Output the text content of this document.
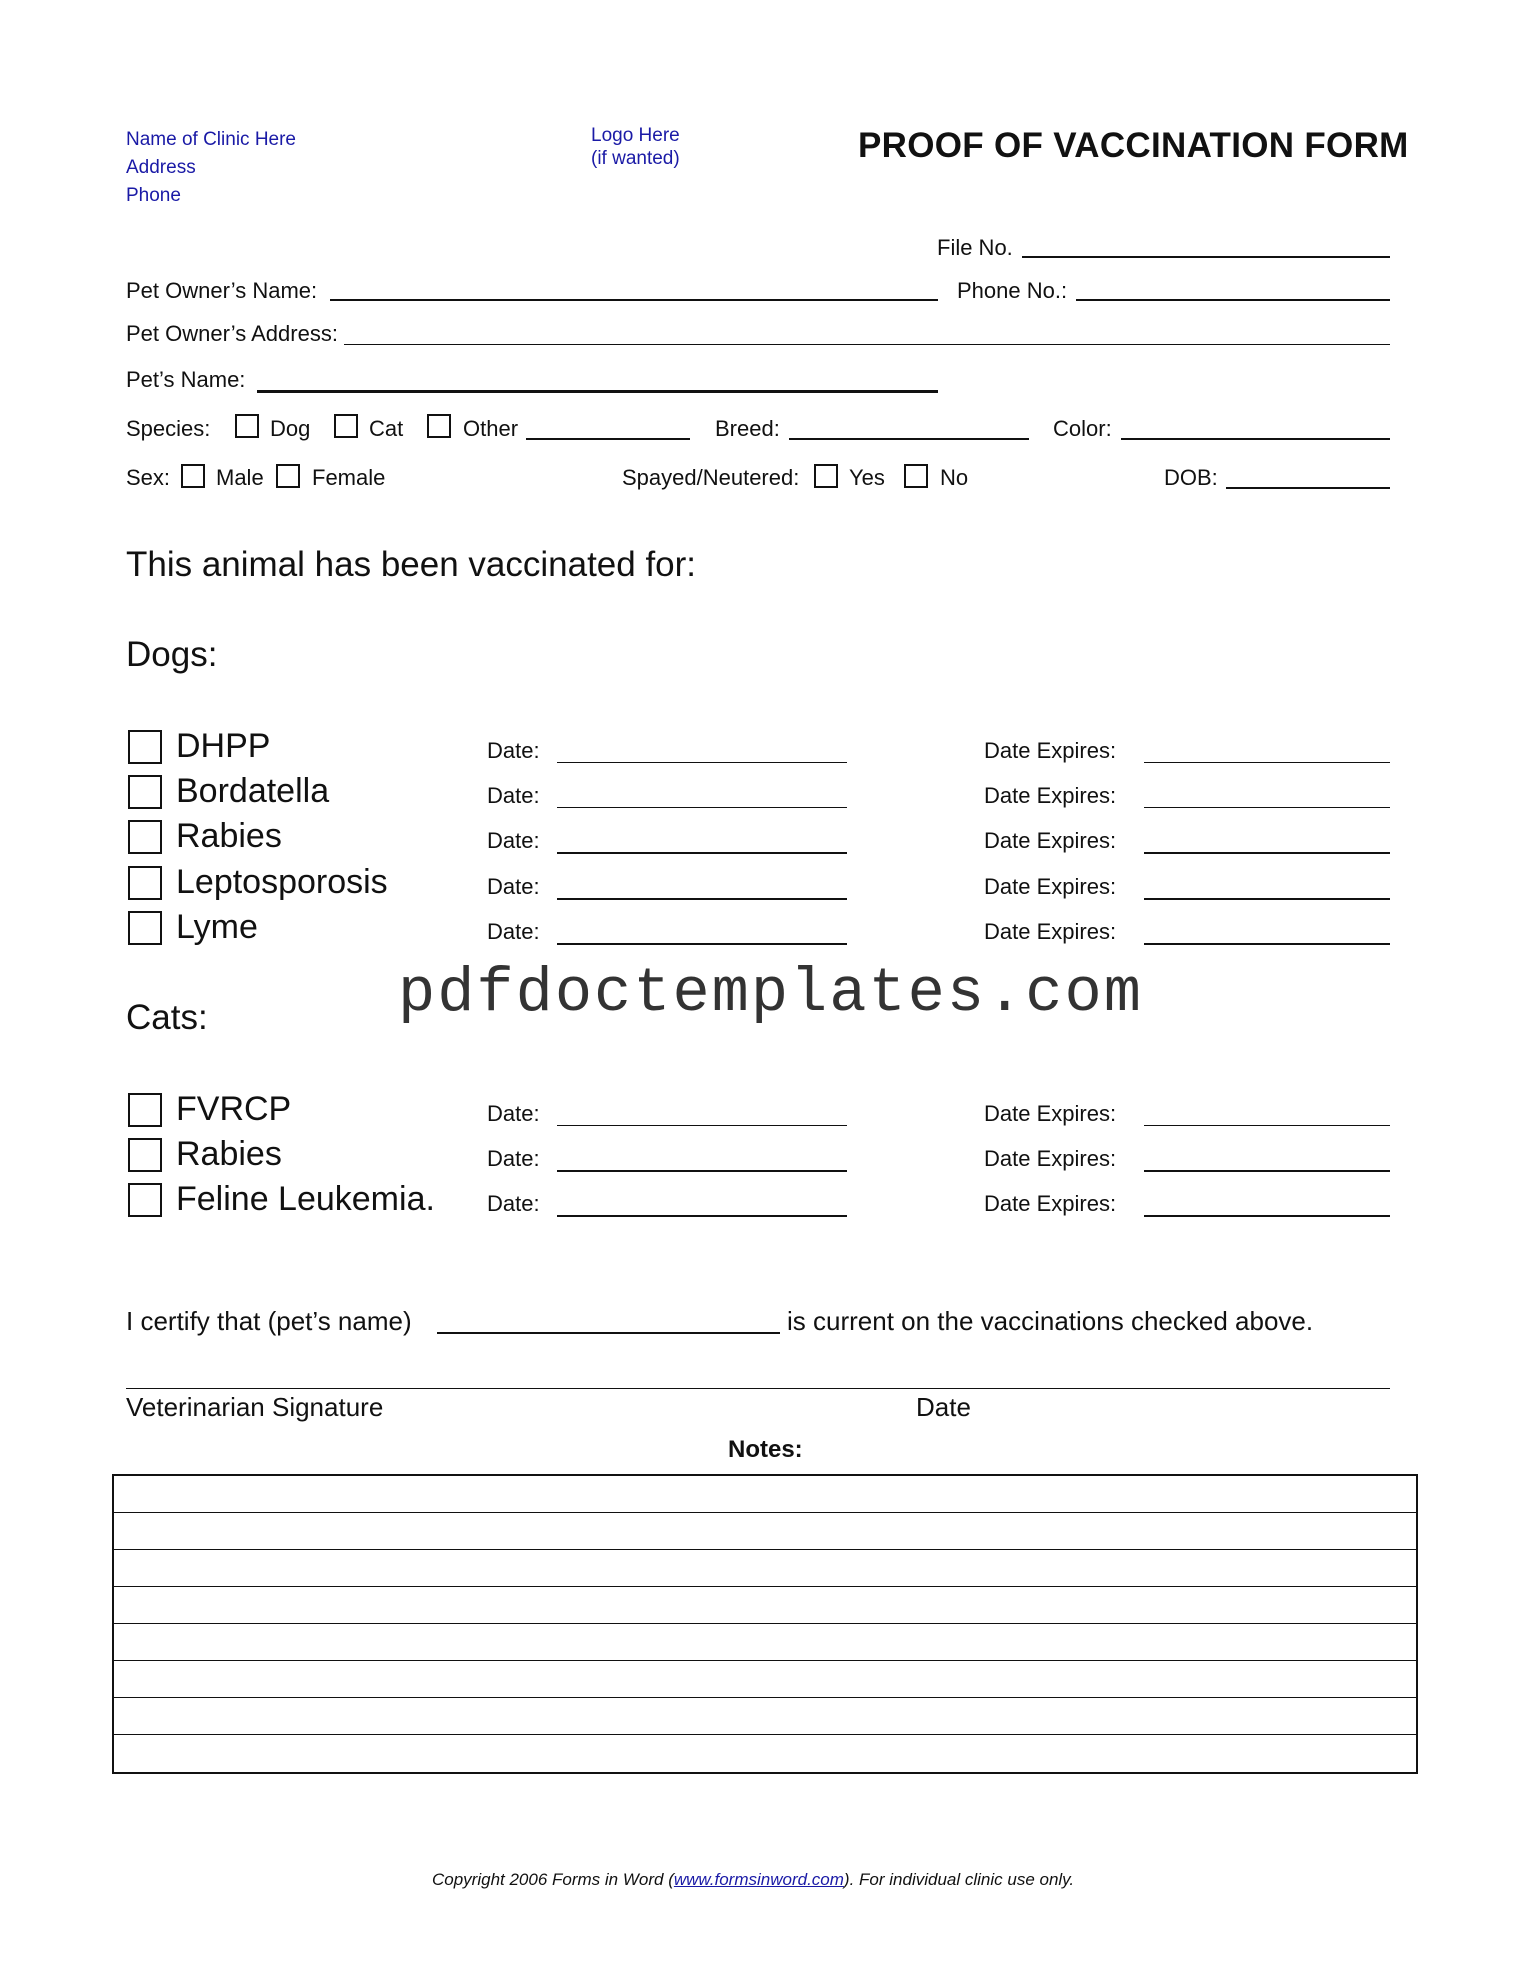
Name of Clinic Here
Address
Phone
Logo Here
(if wanted)	PROOF OF VACCINATION FORM
File No.
Pet Owner’s Name:	Phone No.:
Pet Owner’s Address:
Pet’s Name:
Species:	Dog	Cat	Other	Breed:	Color:
Sex: Male Female	Spayed/Neutered: Yes	No	DOB:
This animal has been vaccinated for:
Dogs:
DHPP	Date:	Date Expires:
Bordatella	Date:	Date Expires:
Rabies	Date:	Date Expires:
Leptosporosis	Date:	Date Expires:
Lyme	Date:	Date Expires:
pdfdoctemplates.com
Cats:
FVRCP	Date:	Date Expires:
Rabies	Date:	Date Expires:
Feline Leukemia. Date:	Date Expires:
I certify that (pet’s name)	is current on the vaccinations checked above.
Veterinarian Signature	Date
Notes:
Copyright 2006 Forms in Word (www.formsinword.com). For individual clinic use only.
